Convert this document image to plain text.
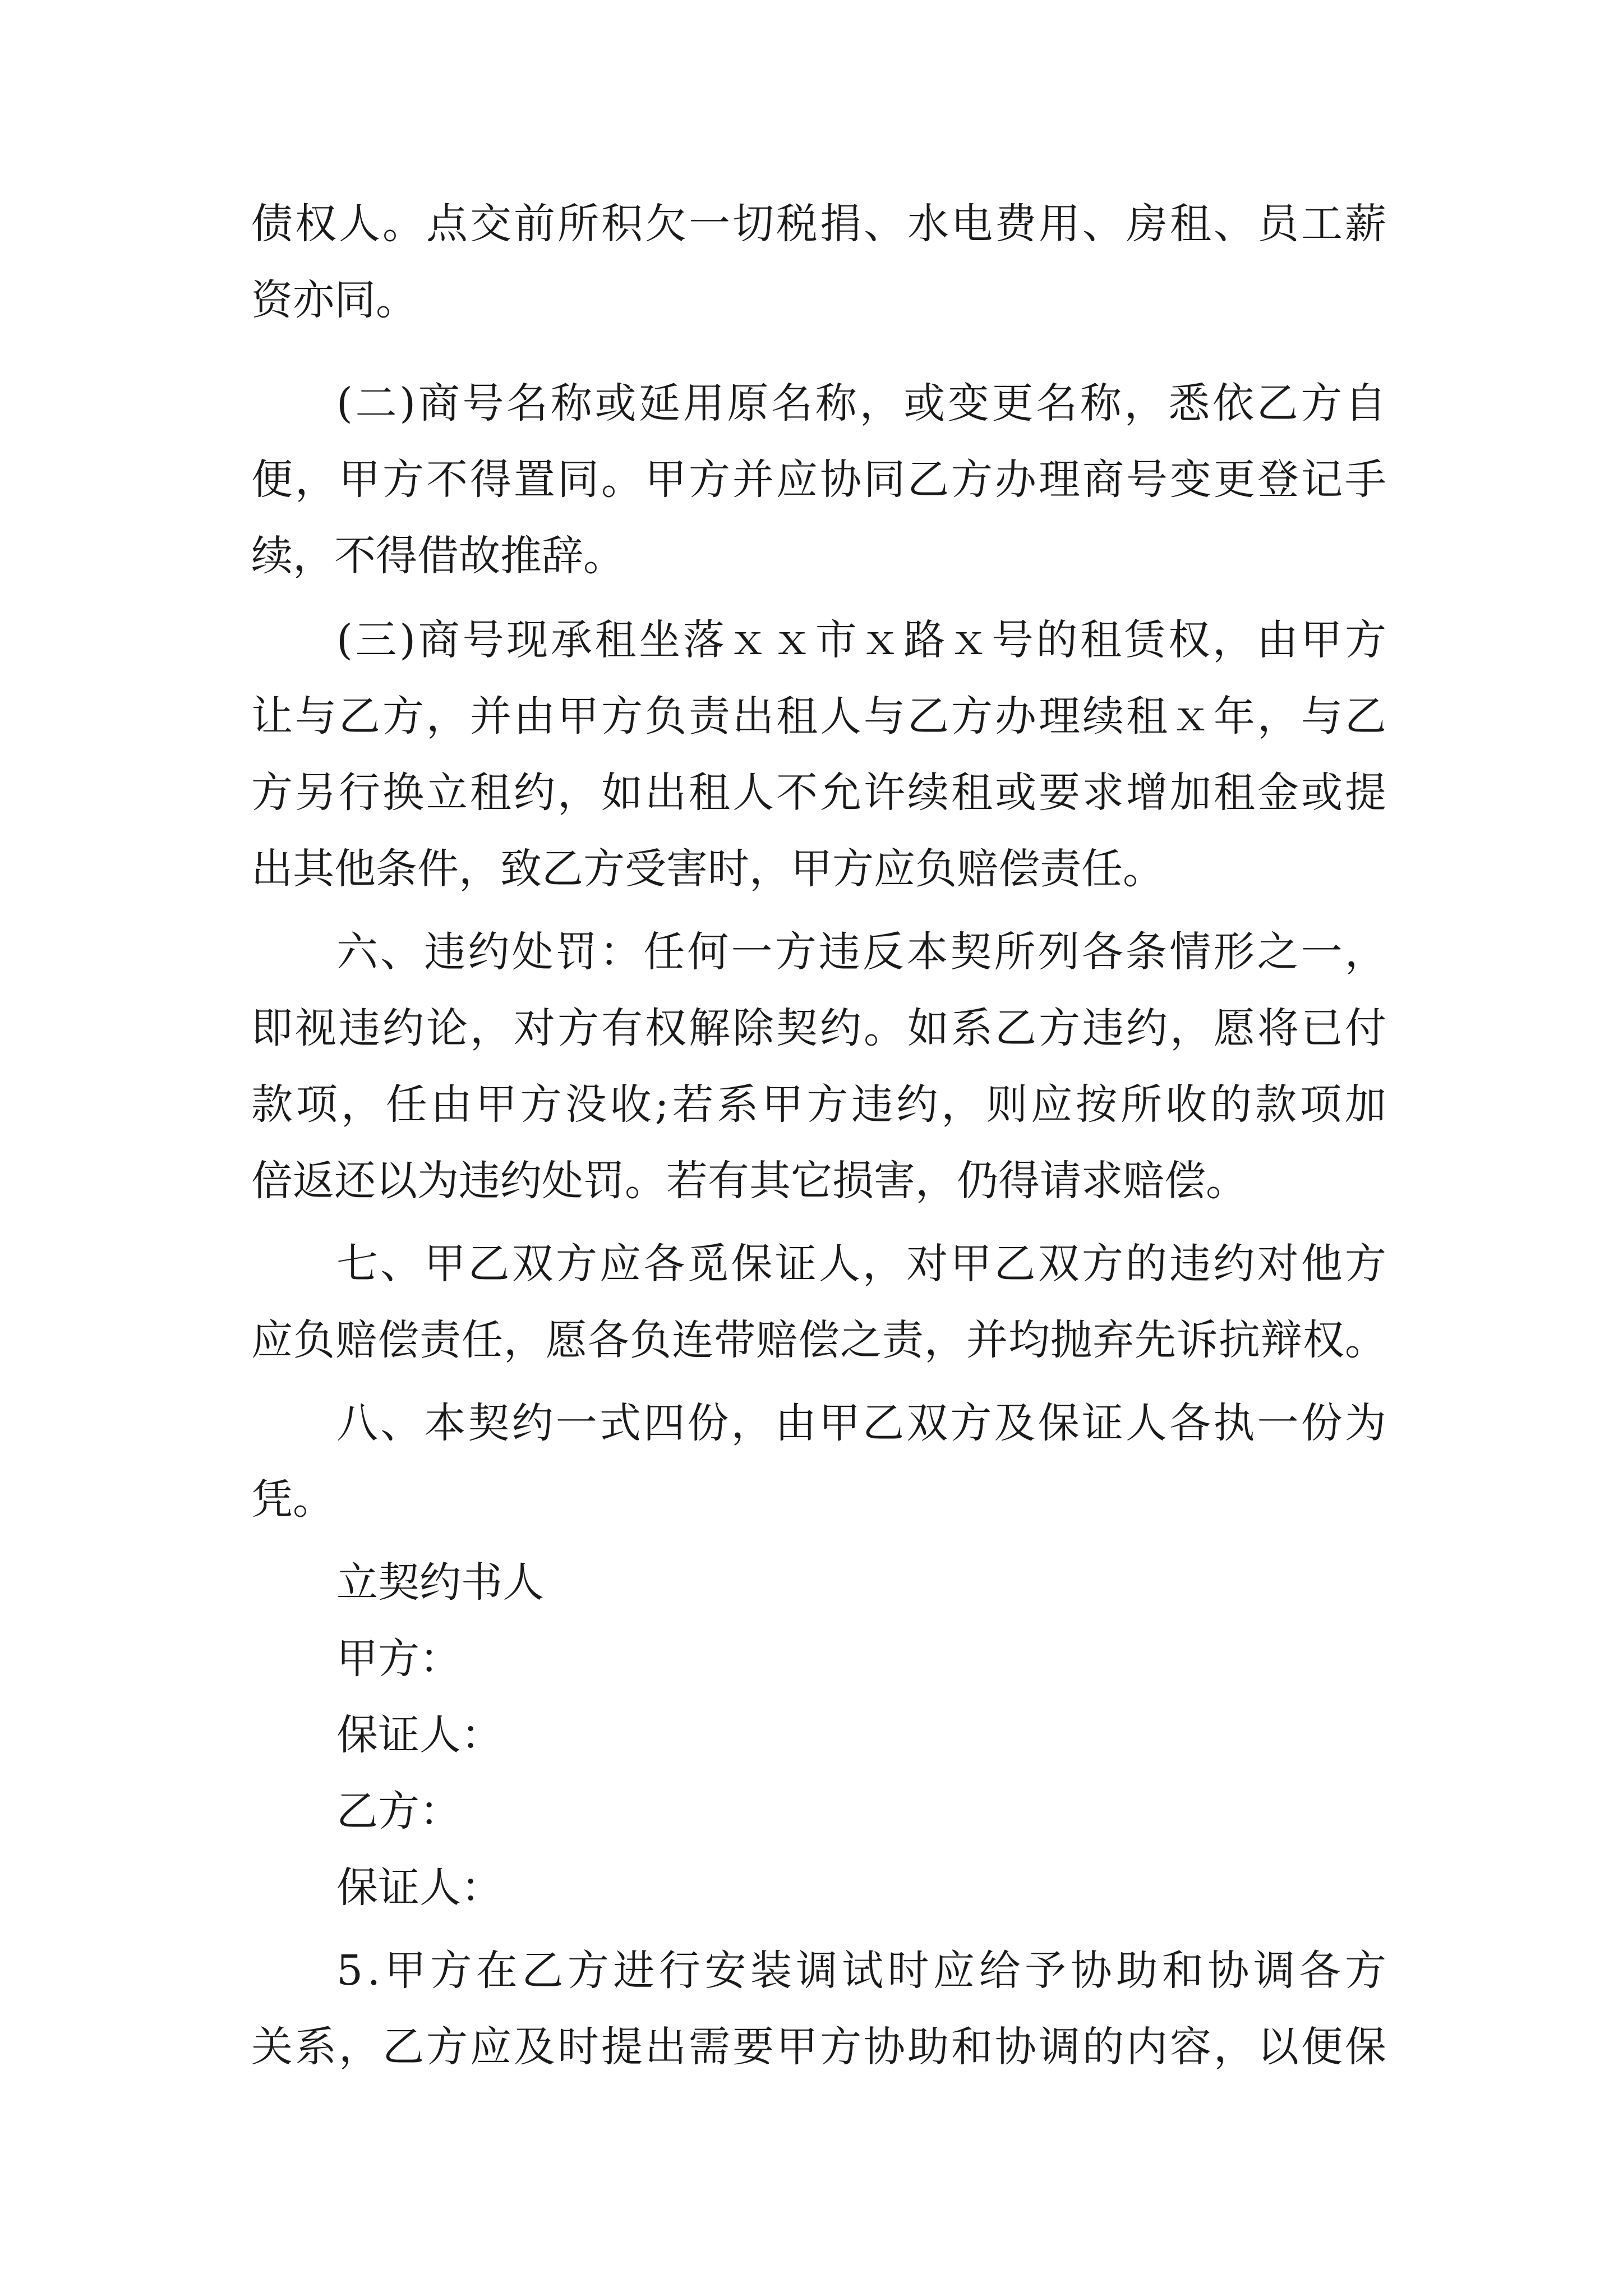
债权人。点交前所积欠一切税捐、水电费用、房租、员工薪
资亦同。
(二)商号名称或延用原名称，或变更名称，悉依乙方自
便，甲方不得置同。甲方并应协同乙方办理商号变更登记手
续，不得借故推辞。
(三)商号现承租坐落ｘｘ市ｘ路ｘ号的租赁权，由甲方
让与乙方，并由甲方负责出租人与乙方办理续租ｘ年，与乙
方另行换立租约，如出租人不允许续租或要求增加租金或提
出其他条件，致乙方受害时，甲方应负赔偿责任。
六、违约处罚：任何一方违反本契所列各条情形之一，
即视违约论，对方有权解除契约。如系乙方违约，愿将已付
款项，任由甲方没收;若系甲方违约，则应按所收的款项加
倍返还以为违约处罚。若有其它损害，仍得请求赔偿。
七、甲乙双方应各觅保证人，对甲乙双方的违约对他方
应负赔偿责任，愿各负连带赔偿之责，并均抛弃先诉抗辩权。
八、本契约一式四份，由甲乙双方及保证人各执一份为
凭。
立契约书人
甲方：
保证人：
乙方：
保证人：
5.甲方在乙方进行安装调试时应给予协助和协调各方
关系，乙方应及时提出需要甲方协助和协调的内容，以便保
